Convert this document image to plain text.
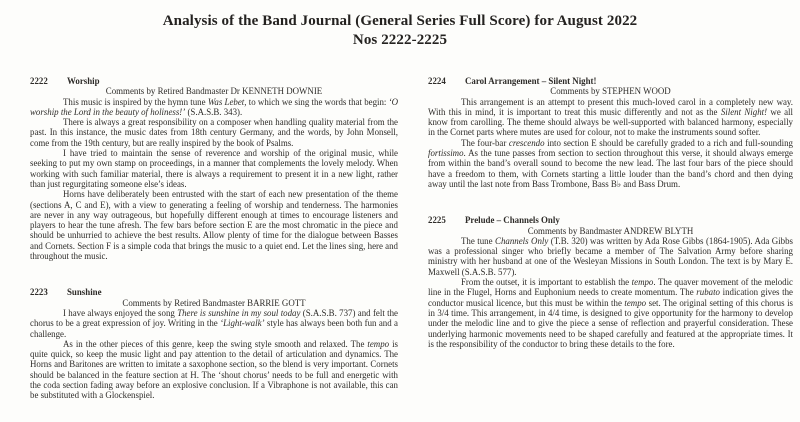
Analysis of the Band Journal (General Series Full Score) for August 2022
Nos 2222-2225
2222	Worship
Comments by Retired Bandmaster Dr KENNETH DOWNIE

This music is inspired by the hymn tune Was Lebet, to which we sing the words that begin: ‘O worship the Lord in the beauty of holiness!’ (S.A.S.B. 343).

There is always a great responsibility on a composer when handling quality material from the past. In this instance, the music dates from 18th century Germany, and the words, by John Monsell, come from the 19th century, but are really inspired by the book of Psalms.

I have tried to maintain the sense of reverence and worship of the original music, while seeking to put my own stamp on proceedings, in a manner that complements the lovely melody. When working with such familiar material, there is always a requirement to present it in a new light, rather than just regurgitating someone else’s ideas.

Horns have deliberately been entrusted with the start of each new presentation of the theme (sections A, C and E), with a view to generating a feeling of worship and tenderness. The harmonies are never in any way outrageous, but hopefully different enough at times to encourage listeners and players to hear the tune afresh. The few bars before section E are the most chromatic in the piece and should be unhurried to achieve the best results. Allow plenty of time for the dialogue between Basses and Cornets. Section F is a simple coda that brings the music to a quiet end. Let the lines sing, here and throughout the music.

2223	Sunshine
Comments by Retired Bandmaster BARRIE GOTT

I have always enjoyed the song There is sunshine in my soul today (S.A.S.B. 737) and felt the chorus to be a great expression of joy. Writing in the ‘Light-walk’ style has always been both fun and a challenge.

As in the other pieces of this genre, keep the swing style smooth and relaxed. The tempo is quite quick, so keep the music light and pay attention to the detail of articulation and dynamics. The Horns and Baritones are written to imitate a saxophone section, so the blend is very important. Cornets should be balanced in the feature section at H. The ‘shout chorus’ needs to be full and energetic with the coda section fading away before an explosive conclusion. If a Vibraphone is not available, this can be substituted with a Glockenspiel.

2224	Carol Arrangement – Silent Night!
Comments by STEPHEN WOOD

This arrangement is an attempt to present this much-loved carol in a completely new way. With this in mind, it is important to treat this music differently and not as the Silent Night! we all know from carolling. The theme should always be well-supported with balanced harmony, especially in the Cornet parts where mutes are used for colour, not to make the instruments sound softer.

The four-bar crescendo into section E should be carefully graded to a rich and full-sounding fortissimo. As the tune passes from section to section throughout this verse, it should always emerge from within the band’s overall sound to become the new lead. The last four bars of the piece should have a freedom to them, with Cornets starting a little louder than the band’s chord and then dying away until the last note from Bass Trombone, Bass B♭ and Bass Drum.

2225	Prelude – Channels Only
Comments by Bandmaster ANDREW BLYTH

The tune Channels Only (T.B. 320) was written by Ada Rose Gibbs (1864-1905). Ada Gibbs was a professional singer who briefly became a member of The Salvation Army before sharing ministry with her husband at one of the Wesleyan Missions in South London. The text is by Mary E. Maxwell (S.A.S.B. 577).

From the outset, it is important to establish the tempo. The quaver movement of the melodic line in the Flugel, Horns and Euphonium needs to create momentum. The rubato indication gives the conductor musical licence, but this must be within the tempo set. The original setting of this chorus is in 3/4 time. This arrangement, in 4/4 time, is designed to give opportunity for the harmony to develop under the melodic line and to give the piece a sense of reflection and prayerful consideration. These underlying harmonic movements need to be shaped carefully and featured at the appropriate times. It is the responsibility of the conductor to bring these details to the fore.
